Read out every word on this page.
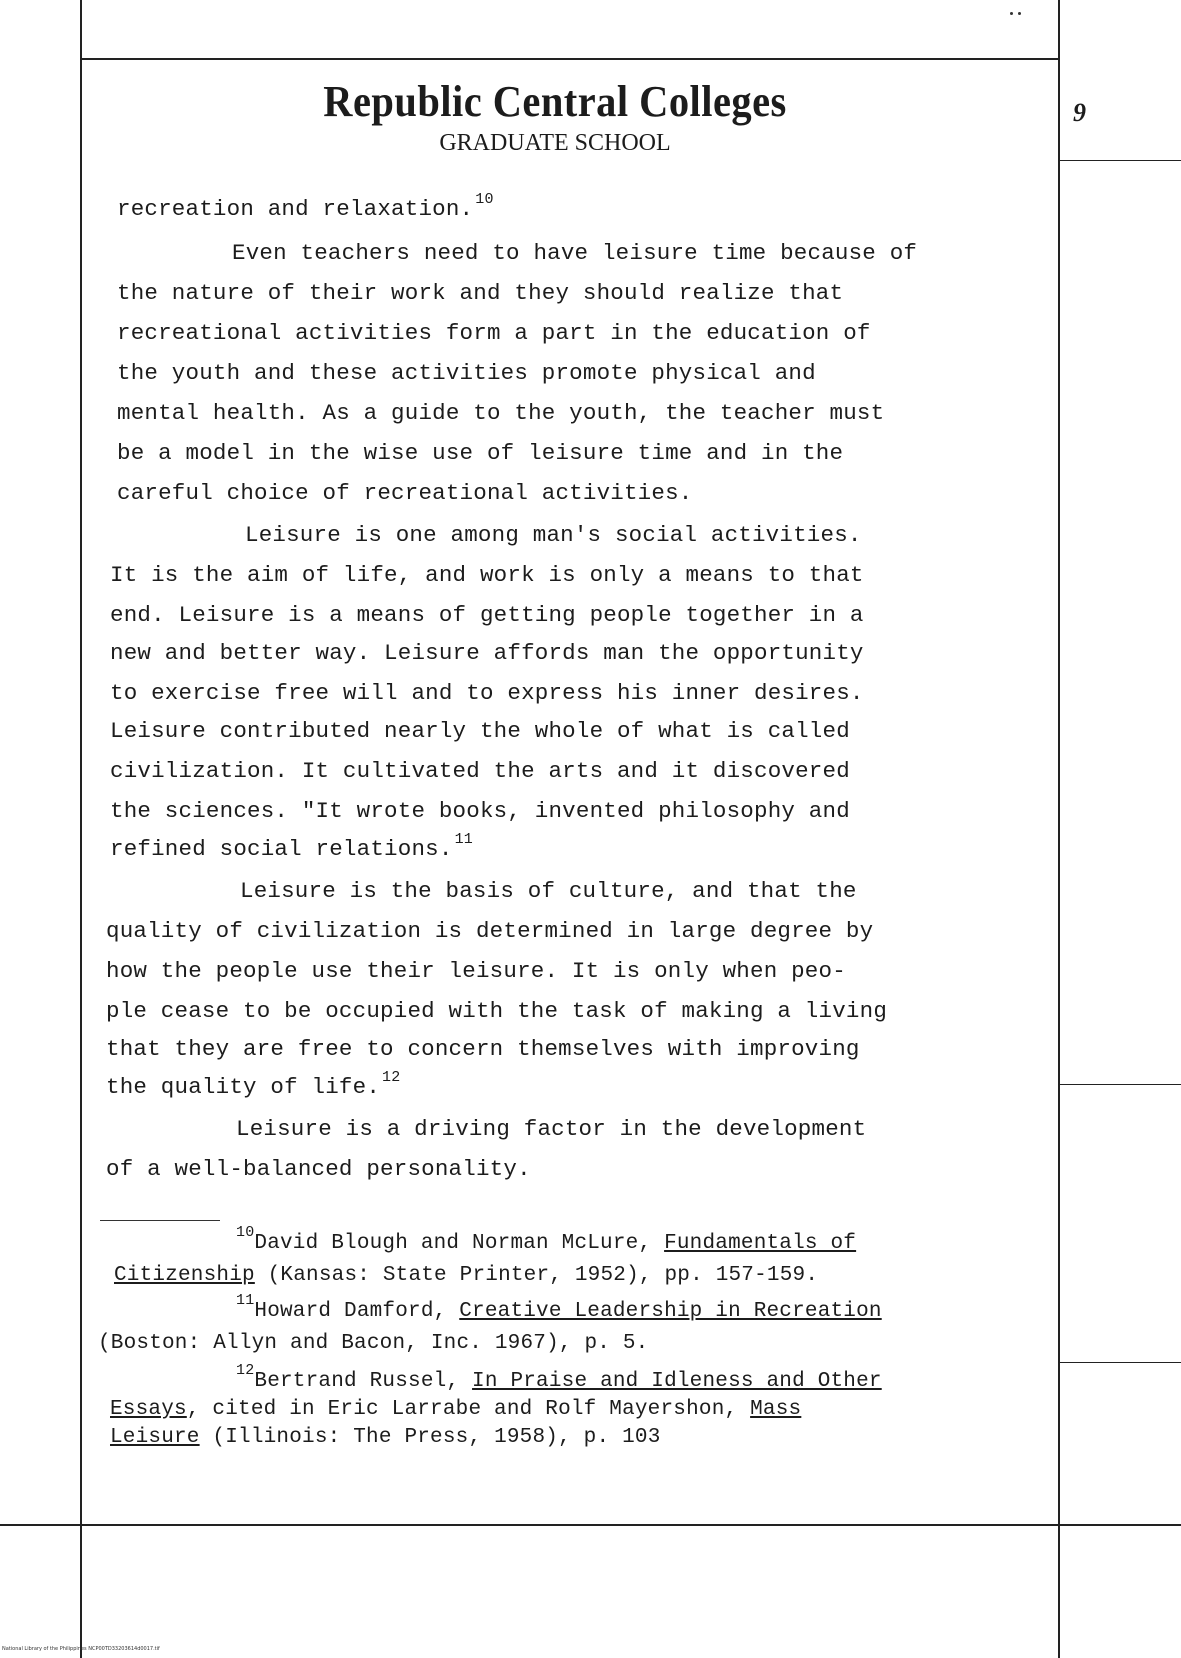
Republic Central Colleges
GRADUATE SCHOOL
9
recreation and relaxation. $^{10}$
Even teachers need to have leisure time because of
the nature of their work and they should realize that
recreational activities form a part in the education of
the youth and these activities promote physical and
mental health. As a guide to the youth, the teacher must
be a model in the wise use of leisure time and in the
careful choice of recreational activities.
Leisure is one among man's social activities.
It is the aim of life, and work is only a means to that
end. Leisure is a means of getting people together in a
new and better way. Leisure affords man the opportunity
to exercise free will and to express his inner desires.
Leisure contributed nearly the whole of what is called
civilization. It cultivated the arts and it discovered
the sciences. "It wrote books, invented philosophy and
refined social relations. $^{11}$
Leisure is the basis of culture, and that the
quality of civilization is determined in large degree by
how the people use their leisure. It is only when peo-
ple cease to be occupied with the task of making a living
that they are free to concern themselves with improving
the quality of life. $^{12}$
Leisure is a driving factor in the development
of a well-balanced personality.
$^{10}$David Blough and Norman McLure, Fundamentals of
Citizenship (Kansas: State Printer, 1952), pp. 157-159.
$^{11}$Howard Damford, Creative Leadership in Recreation
(Boston: Allyn and Bacon, Inc. 1967), p. 5.
$^{12}$Bertrand Russel, In Praise and Idleness and Other
Essays, cited in Eric Larrabe and Rolf Mayershon, Mass
Leisure (Illinois: The Press, 1958), p. 103
National Library of the Philippines NCP00TD33203614d0017.tif
